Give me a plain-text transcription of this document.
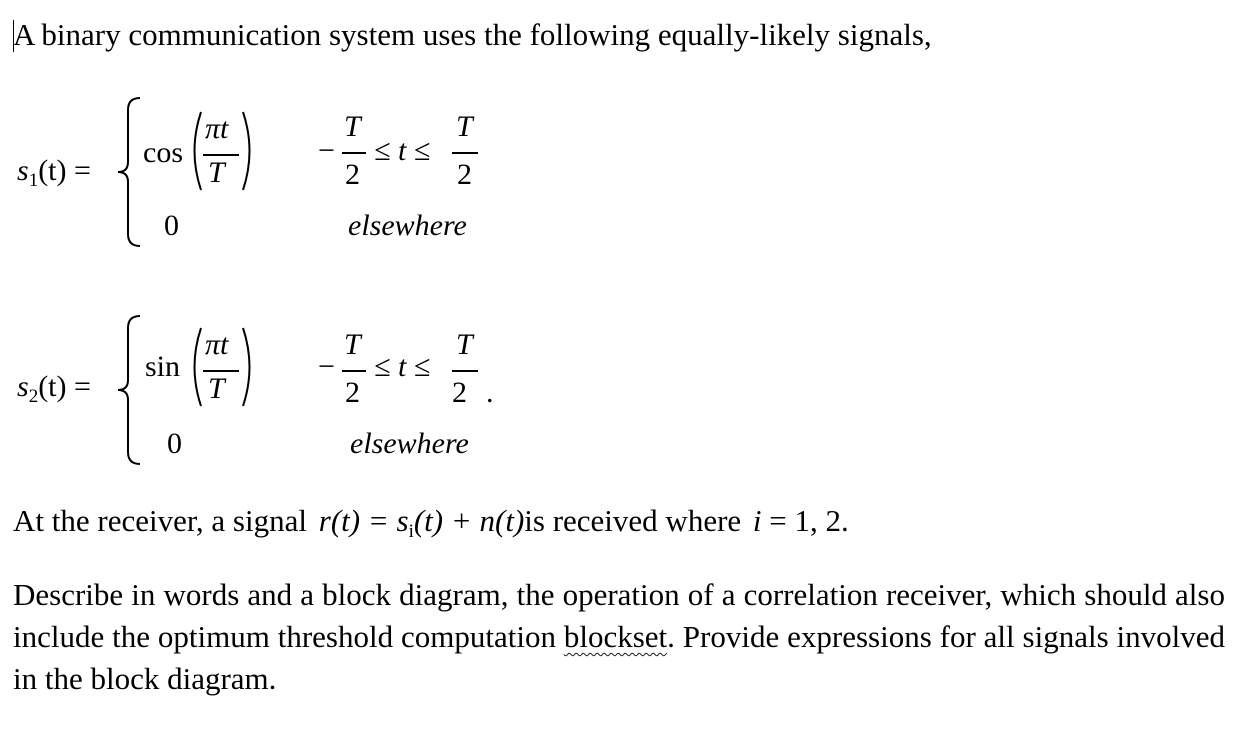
A binary communication system uses the following equally-likely signals,
$s_1(t)$ =
cos
πt
T
−
T
2
≤ t ≤
T
2
0	elsewhere
$s_2(t)$ =
sin
πt
T
−
T
2
≤ t ≤
T
2 .
0	elsewhere
At the receiver, a signal $r(t) = s_i(t) + n(t)is$ received where i = 1, 2.
Describe in words and a block diagram, the operation of a correlation receiver, which should also include the optimum threshold computation blockset. Provide expressions for all signals involved in the block diagram.
